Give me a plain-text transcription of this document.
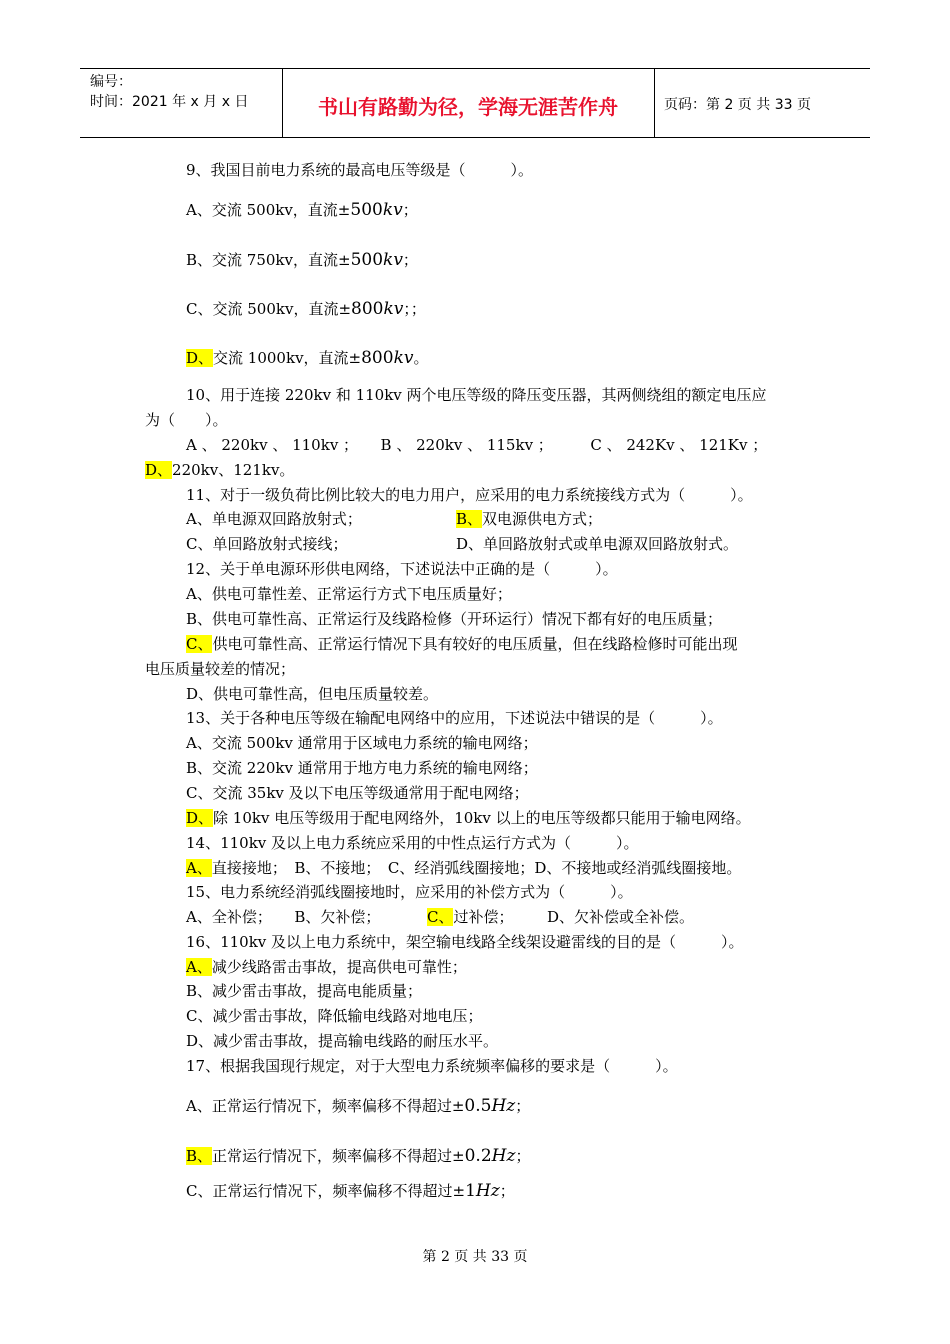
编号：
时间：2021 年 x 月 x 日	书山有路勤为径，学海无涯苦作舟	页码：第 2 页 共 33 页
9、我国目前电力系统的最高电压等级是（　　　）。
A、交流 500kv，直流±500kv；
B、交流 750kv，直流±500kv；
C、交流 500kv，直流±800kv；；
D、交流 1000kv，直流±800kv。
10、用于连接 220kv 和 110kv 两个电压等级的降压变压器，其两侧绕组的额定电压应
为（　　）。
A 、 220kv 、 110kv ；　　B 、 220kv 、 115kv ；　　　C 、 242Kv 、 121Kv ；
D、220kv、121kv。
11、对于一级负荷比例比较大的电力用户，应采用的电力系统接线方式为（　　　）。
A、单电源双回路放射式；	B、双电源供电方式；
C、单回路放射式接线；	D、单回路放射式或单电源双回路放射式。
12、关于单电源环形供电网络，下述说法中正确的是（　　　）。
A、供电可靠性差、正常运行方式下电压质量好；
B、供电可靠性高、正常运行及线路检修（开环运行）情况下都有好的电压质量；
C、供电可靠性高、正常运行情况下具有较好的电压质量，但在线路检修时可能出现
电压质量较差的情况；
D、供电可靠性高，但电压质量较差。
13、关于各种电压等级在输配电网络中的应用，下述说法中错误的是（　　　）。
A、交流 500kv 通常用于区域电力系统的输电网络；
B、交流 220kv 通常用于地方电力系统的输电网络；
C、交流 35kv 及以下电压等级通常用于配电网络；
D、除 10kv 电压等级用于配电网络外，10kv 以上的电压等级都只能用于输电网络。
14、110kv 及以上电力系统应采用的中性点运行方式为（　　　）。
A、直接接地；　B、不接地；　C、经消弧线圈接地；D、不接地或经消弧线圈接地。
15、电力系统经消弧线圈接地时，应采用的补偿方式为（　　　）。
A、全补偿；　　B、欠补偿；	C、过补偿； D、欠补偿或全补偿。
16、110kv 及以上电力系统中，架空输电线路全线架设避雷线的目的是（　　　）。
A、减少线路雷击事故，提高供电可靠性；
B、减少雷击事故，提高电能质量；
C、减少雷击事故，降低输电线路对地电压；
D、减少雷击事故，提高输电线路的耐压水平。
17、根据我国现行规定，对于大型电力系统频率偏移的要求是（　　　）。
A、正常运行情况下，频率偏移不得超过±0.5Hz；
B、正常运行情况下，频率偏移不得超过±0.2Hz；
C、正常运行情况下，频率偏移不得超过±1Hz；
第 2 页 共 33 页
